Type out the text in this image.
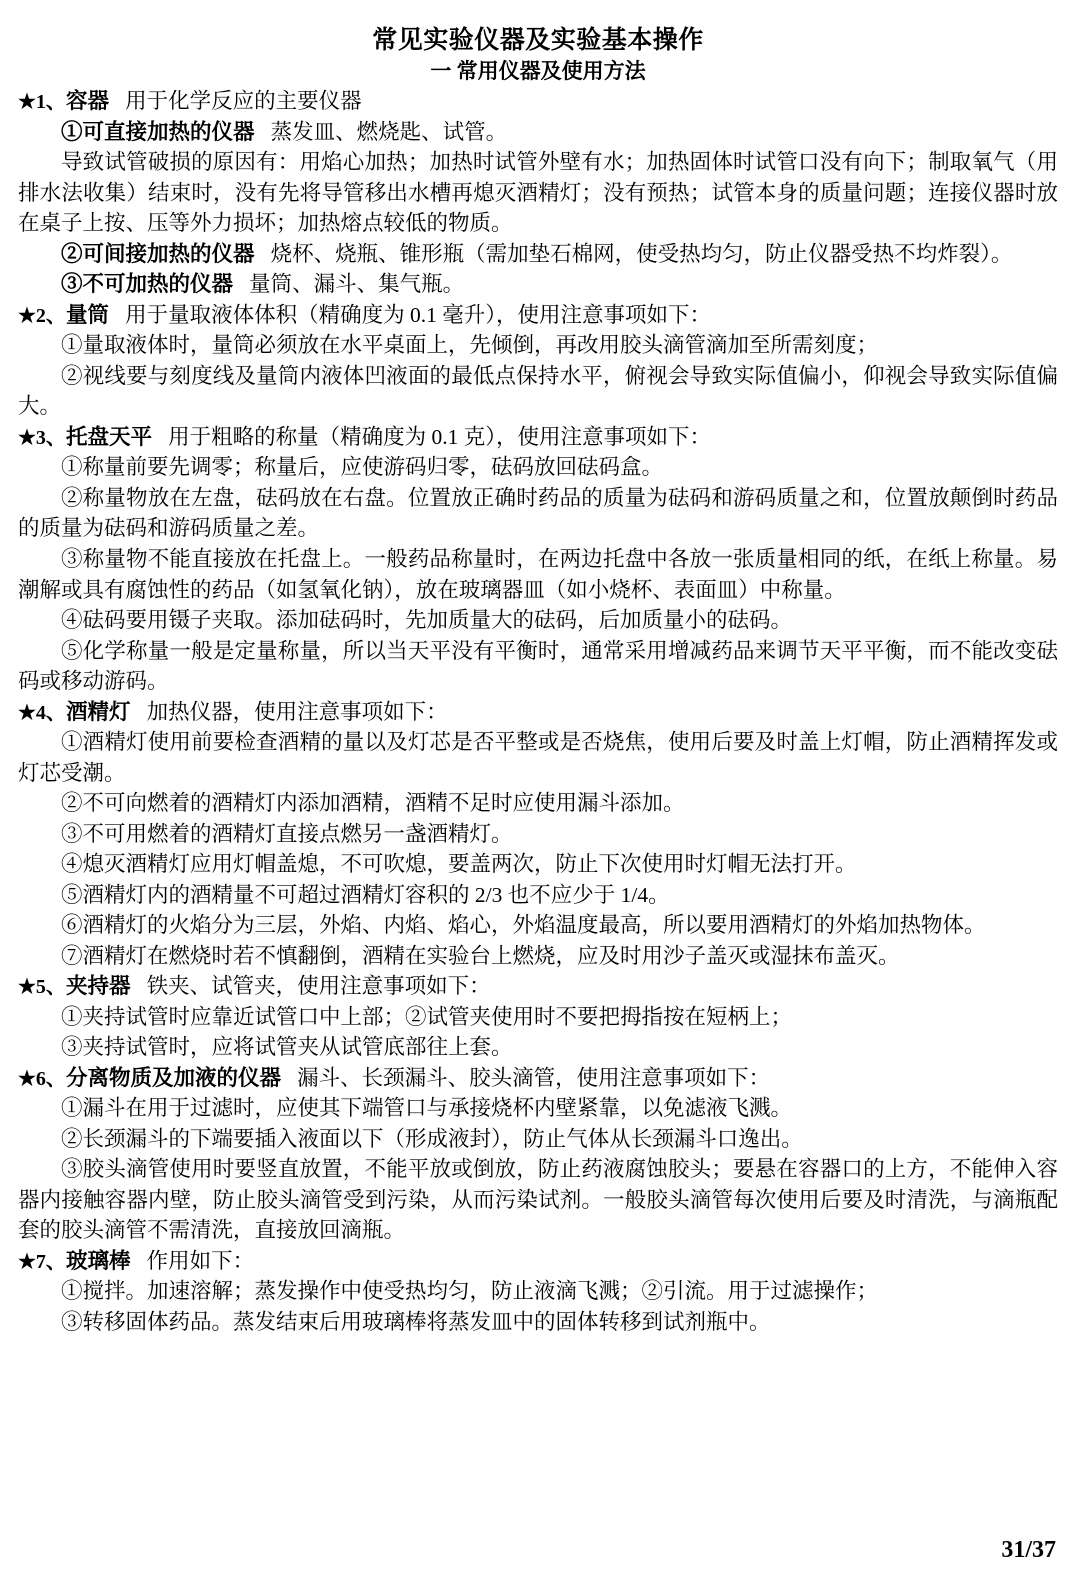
常见实验仪器及实验基本操作
一 常用仪器及使用方法

★1、容器 用于化学反应的主要仪器

①可直接加热的仪器 蒸发皿、燃烧匙、试管。

导致试管破损的原因有：用焰心加热；加热时试管外壁有水；加热固体时试管口没有向下；制取氧气（用排水法收集）结束时，没有先将导管移出水槽再熄灭酒精灯；没有预热；试管本身的质量问题；连接仪器时放在桌子上按、压等外力损坏；加热熔点较低的物质。

②可间接加热的仪器 烧杯、烧瓶、锥形瓶（需加垫石棉网，使受热均匀，防止仪器受热不均炸裂）。

③不可加热的仪器 量筒、漏斗、集气瓶。

★2、量筒 用于量取液体体积（精确度为 0.1 毫升），使用注意事项如下：

①量取液体时，量筒必须放在水平桌面上，先倾倒，再改用胶头滴管滴加至所需刻度；

②视线要与刻度线及量筒内液体凹液面的最低点保持水平，俯视会导致实际值偏小，仰视会导致实际值偏大。

★3、托盘天平 用于粗略的称量（精确度为 0.1 克），使用注意事项如下：

①称量前要先调零；称量后，应使游码归零，砝码放回砝码盒。

②称量物放在左盘，砝码放在右盘。位置放正确时药品的质量为砝码和游码质量之和，位置放颠倒时药品的质量为砝码和游码质量之差。

③称量物不能直接放在托盘上。一般药品称量时，在两边托盘中各放一张质量相同的纸，在纸上称量。易潮解或具有腐蚀性的药品（如氢氧化钠），放在玻璃器皿（如小烧杯、表面皿）中称量。

④砝码要用镊子夹取。添加砝码时，先加质量大的砝码，后加质量小的砝码。

⑤化学称量一般是定量称量，所以当天平没有平衡时，通常采用增减药品来调节天平平衡，而不能改变砝码或移动游码。

★4、酒精灯 加热仪器，使用注意事项如下：

①酒精灯使用前要检查酒精的量以及灯芯是否平整或是否烧焦，使用后要及时盖上灯帽，防止酒精挥发或灯芯受潮。

②不可向燃着的酒精灯内添加酒精，酒精不足时应使用漏斗添加。

③不可用燃着的酒精灯直接点燃另一盏酒精灯。

④熄灭酒精灯应用灯帽盖熄，不可吹熄，要盖两次，防止下次使用时灯帽无法打开。

⑤酒精灯内的酒精量不可超过酒精灯容积的 2/3 也不应少于 1/4。

⑥酒精灯的火焰分为三层，外焰、内焰、焰心，外焰温度最高，所以要用酒精灯的外焰加热物体。

⑦酒精灯在燃烧时若不慎翻倒，酒精在实验台上燃烧，应及时用沙子盖灭或湿抹布盖灭。

★5、夹持器 铁夹、试管夹，使用注意事项如下：

①夹持试管时应靠近试管口中上部；②试管夹使用时不要把拇指按在短柄上；

③夹持试管时，应将试管夹从试管底部往上套。

★6、分离物质及加液的仪器 漏斗、长颈漏斗、胶头滴管，使用注意事项如下：

①漏斗在用于过滤时，应使其下端管口与承接烧杯内壁紧靠，以免滤液飞溅。

②长颈漏斗的下端要插入液面以下（形成液封），防止气体从长颈漏斗口逸出。

③胶头滴管使用时要竖直放置，不能平放或倒放，防止药液腐蚀胶头；要悬在容器口的上方，不能伸入容器内接触容器内壁，防止胶头滴管受到污染，从而污染试剂。一般胶头滴管每次使用后要及时清洗，与滴瓶配套的胶头滴管不需清洗，直接放回滴瓶。

★7、玻璃棒 作用如下：

①搅拌。加速溶解；蒸发操作中使受热均匀，防止液滴飞溅；②引流。用于过滤操作；

③转移固体药品。蒸发结束后用玻璃棒将蒸发皿中的固体转移到试剂瓶中。

31/37
